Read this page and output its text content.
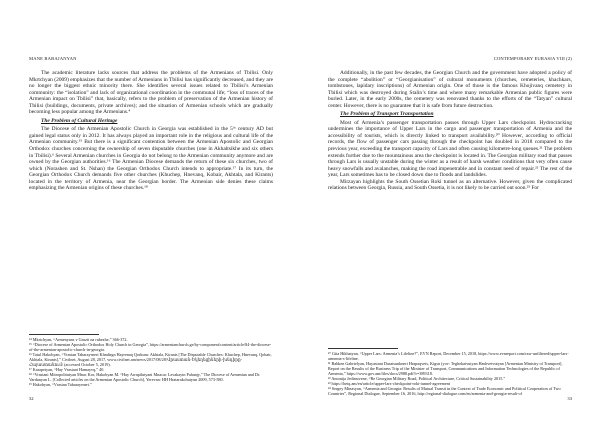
MANE BABAJANYAN

The academic literature lacks sources that address the problems of the Armenians of Tbilisi. Only Mkrtchyan (2009) emphasizes that the number of Armenians in Tbilisi has significantly decreased, and they are no longer the biggest ethnic minority there. She identifies several issues related to Tbilisi’s Armenian community: the “isolation” and lack of organizational coordination in the communal life; “loss of traces of the Armenian impact on Tbilisi” that, basically, refers to the problem of preservation of the Armenian history of Tbilisi (buildings, documents, private archives); and the situation of Armenian schools which are gradually becoming less popular among the Armenians.⁴

The Problem of Cultural Heritage

The Diocese of the Armenian Apostolic Church in Georgia was established in the 5ᵗʰ century AD but gained legal status only in 2012. It has always played an important role in the religious and cultural life of the Armenian community.¹⁵ But there is a significant contention between the Armenian Apostolic and Georgian Orthodox churches concerning the ownership of seven disputable churches (one in Akhaltsikhe and six others in Tbilisi).⁶ Several Armenian churches in Georgia do not belong to the Armenian community anymore and are owned by the Georgian authorities.¹⁶ The Armenian Diocese demands the return of these six churches, two of which (Norashen and St. Nshan) the Georgian Orthodox Church intends to appropriate.¹⁷ In its turn, the Georgian Orthodox Church demands five other churches (Khuchep, Hnevanq, Kobair, Akhtala, and Kirants) located in the territory of Armenia, near the Georgian border. The Armenian side denies these claims emphasizing the Armenian origins of these churches.¹⁸

¹⁴ Mkrtchyan, “Armenyans v Gruzii na rubezhe,” 366-372.
¹⁵ “Diocese of Armenian Apostolic Orthodox Holy Church in Georgia”, https://armenianchurch.ge/by-component/content/article/84-the-diocese-of-the-armenian-apostolic-church-in-georgia.
¹⁶ Tatul Hakobyan, “Vrastan Tabarayrneri Khndirgn Hayrenaq Qorkum: Akhtala, Kirants [The Disputable Churches: Khuchep, Hnevanq, Qobair, Akhtala, Kirants],” Civilnet, August 28, 2017, www.civilnet.am/news/2017/08/28/Վրաստան-Եկեղեցիների-խնդիրը-Հայաստանում/ (accessed October 5, 2019).
¹⁷ Karapetyan, “Hay Vrastani Hamayvq,” 40.
¹⁸ “Vrastani Mitropolitutyan Mnac Kor, Hakobyan M. “Hay Arrapilutyani Mnacac Lzvakayin Pahanjy,” The Diocese of Armenian and Dr. Vardanyan L. [Collected articles on the Armenian Apostolic Church], Yerevan: HH Hratarakchutyun 2009, 573-580.
¹⁹ Hakobyan, “Vrastan Tabarayrneri.”
32
CONTEMPORARY EURASIA VIII (2)

Additionally, in the past few decades, the Georgian Church and the government have adopted a policy of the complete “abolition” or “Georgianisation” of cultural monuments (churches, cemeteries, khachkars, tombstones, lapidary inscriptions) of Armenian origin. One of those is the famous Khojivanq cemetery in Tbilisi which was destroyed during Stalin’s time and where many remarkable Armenian public figures were buried. Later, in the early 2000s, the cemetery was renovated thanks to the efforts of the “Tatyan” cultural center. However, there is no guarantee that it is safe from future destruction.

The Problem of Transport Transportation

Most of Armenia’s passenger transportation passes through Upper Lars checkpoint. Hydrocracking undermines the importance of Upper Lars in the cargo and passenger transportation of Armenia and the accessibility of tourists, which is directly linked to transport availability.²⁰ However, according to official records, the flow of passenger cars passing through the checkpoint has doubled in 2018 compared to the previous year, exceeding the transport capacity of Lars and often causing kilometre-long queues.²¹ The problem extends further due to the mountainous area the checkpoint is located in. The Georgian military road that passes through Lars is usually unstable during the winter as a result of harsh weather conditions that very often cause heavy snowfalls and avalanches, making the road impenetrable and in constant need of repair.²² The rest of the year, Lars sometimes has to be closed down due to floods and landslides.

Mirzayan highlights the South Ossetian Roki tunnel as an alternative. However, given the complicated relations between Georgia, Russia, and South Ossetia, it is not likely to be carried out soon.²³ For

²⁰ Gita Hikhatyan, “Upper Lars: Armenia’s Lifeline?”, EVN Report, December 15, 2018, https://www.evnreport.com/raw-unfiltered/upper-lars-armenia-s-lifeline.
²¹ Babken Gabrielyan, Hayastani Dasatsunkneri Hrapaqvets, Ktgsn (yov: Teghekatvutyan Hashvetvutyan [Armenian Ministry of Transport], Report on the Results of the Business Trip of the Minister of Transport, Communications and Information Technologies of the Republic of Armenia,” https://www.gov.am/files/docs/2988.pdf?r=389318.
²² Antonija Jedinstvene, “Re Georgian Military Road, Political Architecture, Critical Sustainability 2015.”
²³ https://hetq.am/en/article/upper-lars-checkpoint-roki-tunnel-agreement
²⁴ Sergey Minasyan, “Armenia and Georgia: Results of Mutual Transit in the Context of Trade Economic and Political Cooperation of Two Countries”, Regional Dialogue, September 16, 2016, http://regional-dialogue.com/en/armenia-and-georgia-result-of
33
